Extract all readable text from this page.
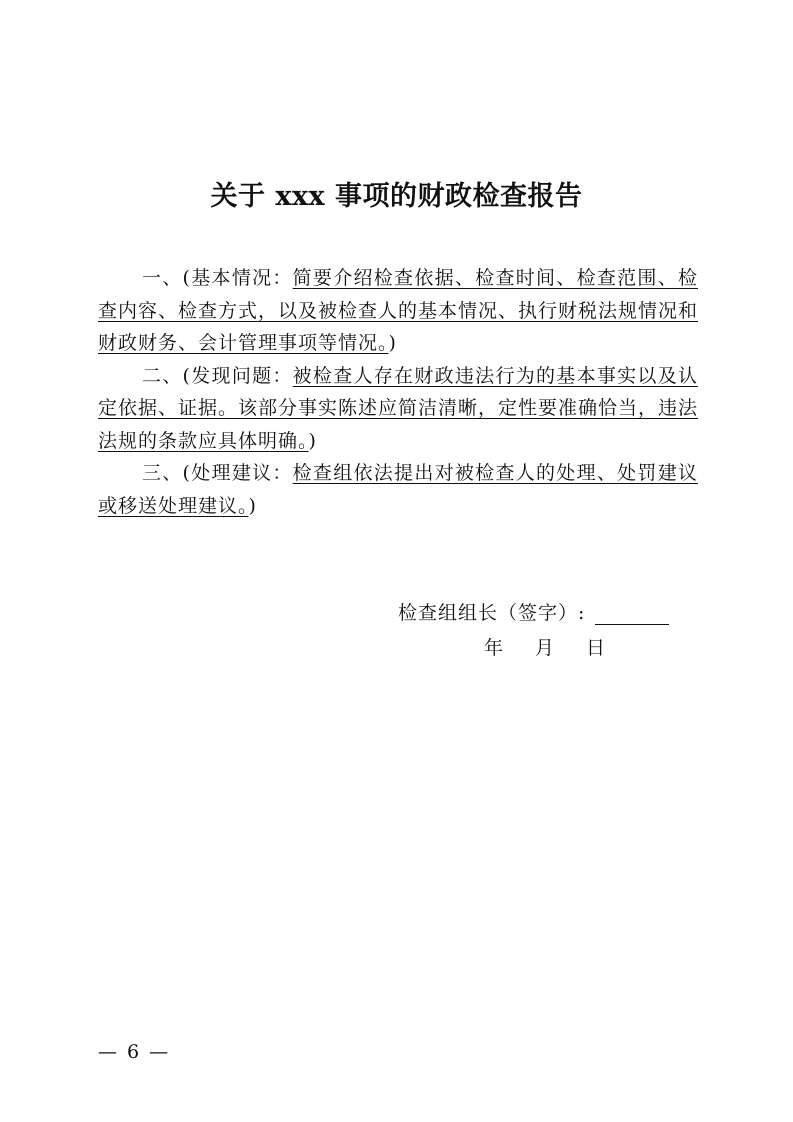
关于 xxx 事项的财政检查报告

一、(基本情况：简要介绍检查依据、检查时间、检查范围、检查内容、检查方式，以及被检查人的基本情况、执行财税法规情况和财政财务、会计管理事项等情况。)

二、(发现问题：被检查人存在财政违法行为的基本事实以及认定依据、证据。该部分事实陈述应简洁清晰，定性要准确恰当，违法法规的条款应具体明确。)

三、(处理建议：检查组依法提出对被检查人的处理、处罚建议或移送处理建议。)

检查组组长（签字）:
年 月 日
— 6 —
